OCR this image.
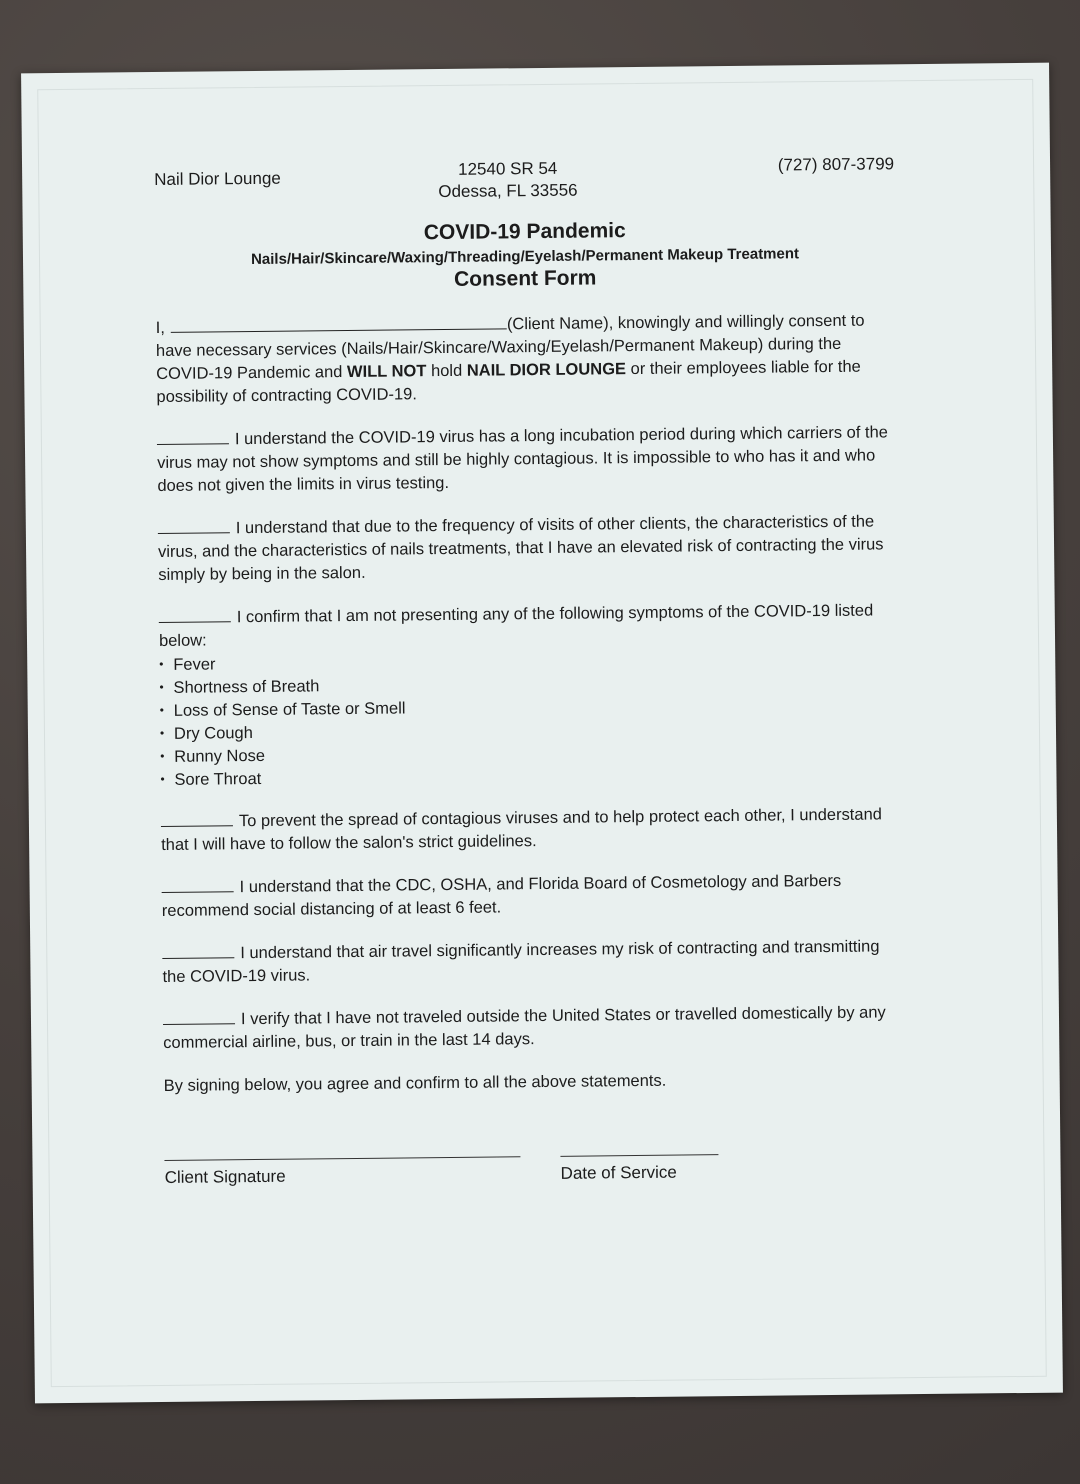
Nail Dior Lounge	12540 SR 54
Odessa, FL 33556
(727) 807-3799
COVID-19 Pandemic
Nails/Hair/Skincare/Waxing/Threading/Eyelash/Permanent Makeup Treatment
Consent Form
I,	(Client Name), knowingly and willingly consent to have necessary services (Nails/Hair/Skincare/Waxing/Eyelash/Permanent Makeup) during the COVID-19 Pandemic and WILL NOT hold NAIL DIOR LOUNGE or their employees liable for the possibility of contracting COVID-19.
I understand the COVID-19 virus has a long incubation period during which carriers of the virus may not show symptoms and still be highly contagious. It is impossible to who has it and who does not given the limits in virus testing.
I understand that due to the frequency of visits of other clients, the characteristics of the virus, and the characteristics of nails treatments, that I have an elevated risk of contracting the virus simply by being in the salon.
I confirm that I am not presenting any of the following symptoms of the COVID-19 listed below:
• Fever
• Shortness of Breath
• Loss of Sense of Taste or Smell
• Dry Cough
• Runny Nose
• Sore Throat
To prevent the spread of contagious viruses and to help protect each other, I understand that I will have to follow the salon's strict guidelines.
I understand that the CDC, OSHA, and Florida Board of Cosmetology and Barbers recommend social distancing of at least 6 feet.
I understand that air travel significantly increases my risk of contracting and transmitting the COVID-19 virus.
I verify that I have not traveled outside the United States or travelled domestically by any commercial airline, bus, or train in the last 14 days.
By signing below, you agree and confirm to all the above statements.
Client Signature	Date of Service
